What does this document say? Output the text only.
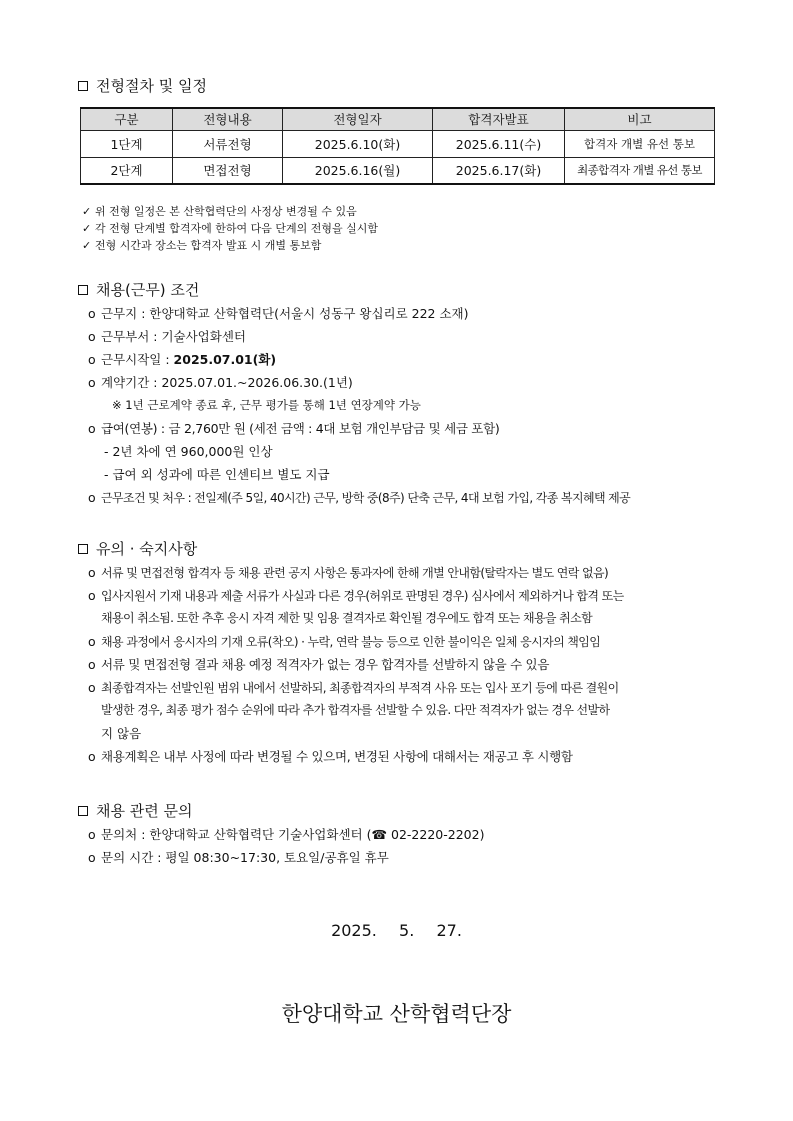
전형절차 및 일정
구분	전형내용	전형일자	합격자발표	비고
1단계	서류전형	2025.6.10(화)	2025.6.11(수)	합격자 개별 유선 통보
2단계	면접전형	2025.6.16(월)	2025.6.17(화)	최종합격자 개별 유선 통보
✓ 위 전형 일정은 본 산학협력단의 사정상 변경될 수 있음
✓ 각 전형 단계별 합격자에 한하여 다음 단계의 전형을 실시함
✓ 전형 시간과 장소는 합격자 발표 시 개별 통보함
채용(근무) 조건
o 근무지 : 한양대학교 산학협력단(서울시 성동구 왕십리로 222 소재)
o 근무부서 : 기술사업화센터
o 근무시작일 : 2025.07.01(화)
o 계약기간 : 2025.07.01.~2026.06.30.(1년)
※ 1년 근로계약 종료 후, 근무 평가를 통해 1년 연장계약 가능
o 급여(연봉) : 금 2,760만 원 (세전 금액 : 4대 보험 개인부담금 및 세금 포함)
- 2년 차에 연 960,000원 인상
- 급여 외 성과에 따른 인센티브 별도 지급
o 근무조건 및 처우 : 전일제(주 5일, 40시간) 근무, 방학 중(8주) 단축 근무, 4대 보험 가입, 각종 복지혜택 제공
유의 · 숙지사항
o 서류 및 면접전형 합격자 등 채용 관련 공지 사항은 통과자에 한해 개별 안내함(탈락자는 별도 연락 없음)
o 입사지원서 기재 내용과 제출 서류가 사실과 다른 경우(허위로 판명된 경우) 심사에서 제외하거나 합격 또는
채용이 취소됨. 또한 추후 응시 자격 제한 및 임용 결격자로 확인될 경우에도 합격 또는 채용을 취소함
o 채용 과정에서 응시자의 기재 오류(착오) · 누락, 연락 불능 등으로 인한 불이익은 일체 응시자의 책임임
o 서류 및 면접전형 결과 채용 예정 적격자가 없는 경우 합격자를 선발하지 않을 수 있음
o 최종합격자는 선발인원 범위 내에서 선발하되, 최종합격자의 부적격 사유 또는 입사 포기 등에 따른 결원이
발생한 경우, 최종 평가 점수 순위에 따라 추가 합격자를 선발할 수 있음. 다만 적격자가 없는 경우 선발하
지 않음
o 채용계획은 내부 사정에 따라 변경될 수 있으며, 변경된 사항에 대해서는 재공고 후 시행함
채용 관련 문의
o 문의처 : 한양대학교 산학협력단 기술사업화센터 (☎ 02-2220-2202)
o 문의 시간 : 평일 08:30~17:30, 토요일/공휴일 휴무
2025.  5.  27.
한양대학교 산학협력단장
